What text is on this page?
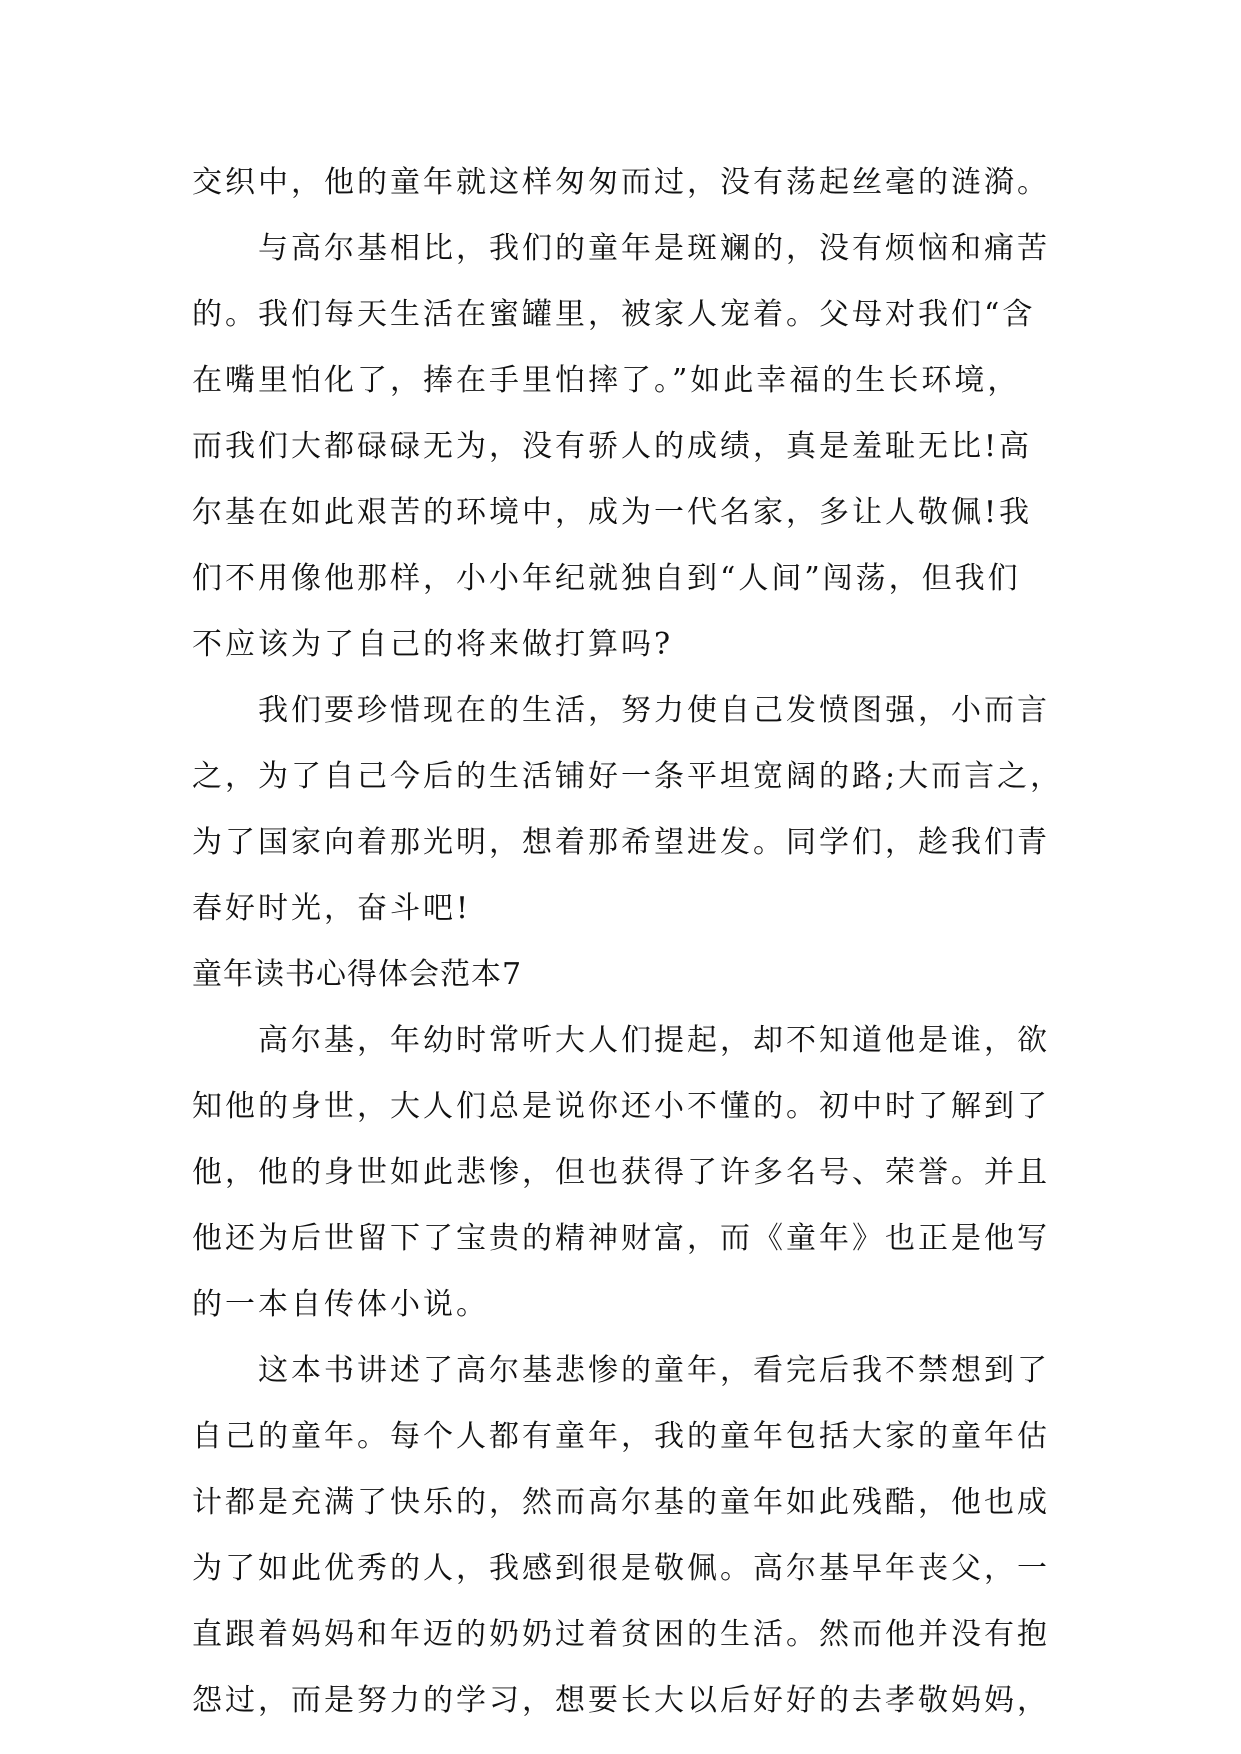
交织中，他的童年就这样匆匆而过，没有荡起丝毫的涟漪。
与高尔基相比，我们的童年是斑斓的，没有烦恼和痛苦
的。我们每天生活在蜜罐里，被家人宠着。父母对我们“含
在嘴里怕化了，捧在手里怕摔了。”如此幸福的生长环境，
而我们大都碌碌无为，没有骄人的成绩，真是羞耻无比!高
尔基在如此艰苦的环境中，成为一代名家，多让人敬佩!我
们不用像他那样，小小年纪就独自到“人间”闯荡，但我们
不应该为了自己的将来做打算吗?
我们要珍惜现在的生活，努力使自己发愤图强，小而言
之，为了自己今后的生活铺好一条平坦宽阔的路;大而言之，
为了国家向着那光明，想着那希望进发。同学们，趁我们青
春好时光，奋斗吧!
童年读书心得体会范本7
高尔基，年幼时常听大人们提起，却不知道他是谁，欲
知他的身世，大人们总是说你还小不懂的。初中时了解到了
他，他的身世如此悲惨，但也获得了许多名号、荣誉。并且
他还为后世留下了宝贵的精神财富，而《童年》也正是他写
的一本自传体小说。
这本书讲述了高尔基悲惨的童年，看完后我不禁想到了
自己的童年。每个人都有童年，我的童年包括大家的童年估
计都是充满了快乐的，然而高尔基的童年如此残酷，他也成
为了如此优秀的人，我感到很是敬佩。高尔基早年丧父，一
直跟着妈妈和年迈的奶奶过着贫困的生活。然而他并没有抱
怨过，而是努力的学习，想要长大以后好好的去孝敬妈妈，
